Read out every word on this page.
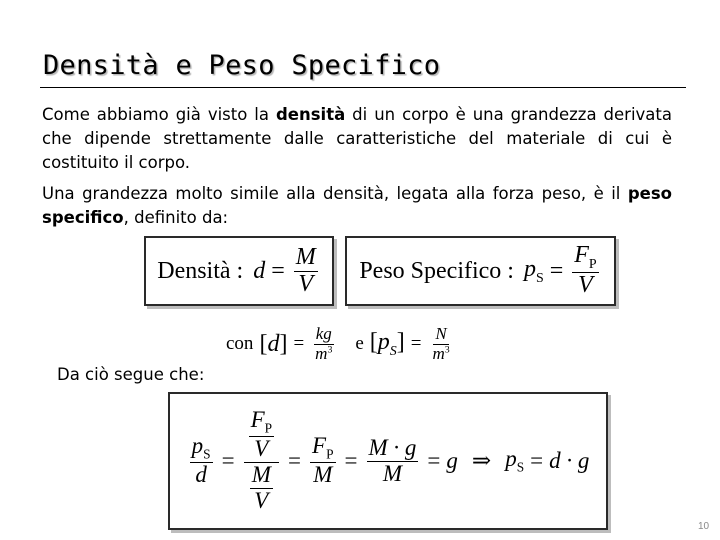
Densità e Peso Specifico

Come abbiamo già visto la densità di un corpo è una grandezza derivata che dipende strettamente dalle caratteristiche del materiale di cui è costituito il corpo.

Una grandezza molto simile alla densità, legata alla forza peso, è il peso specifico, definito da:

Densità : $d = \frac{M}{V}$ Peso Specifico : $p_S = \frac{F_P}{V}$
con $[d] = \frac{kg}{m^3}$ e $[p_S] = \frac{N}{m^3}$

Da ciò segue che:

$\frac{p_S}{d} = \frac{\frac{F_P}{V}}{\frac{M}{V}} = \frac{F_P}{M} = \frac{M \cdot g}{M} = g$ ⇒ $p_S = d \cdot g$
10
